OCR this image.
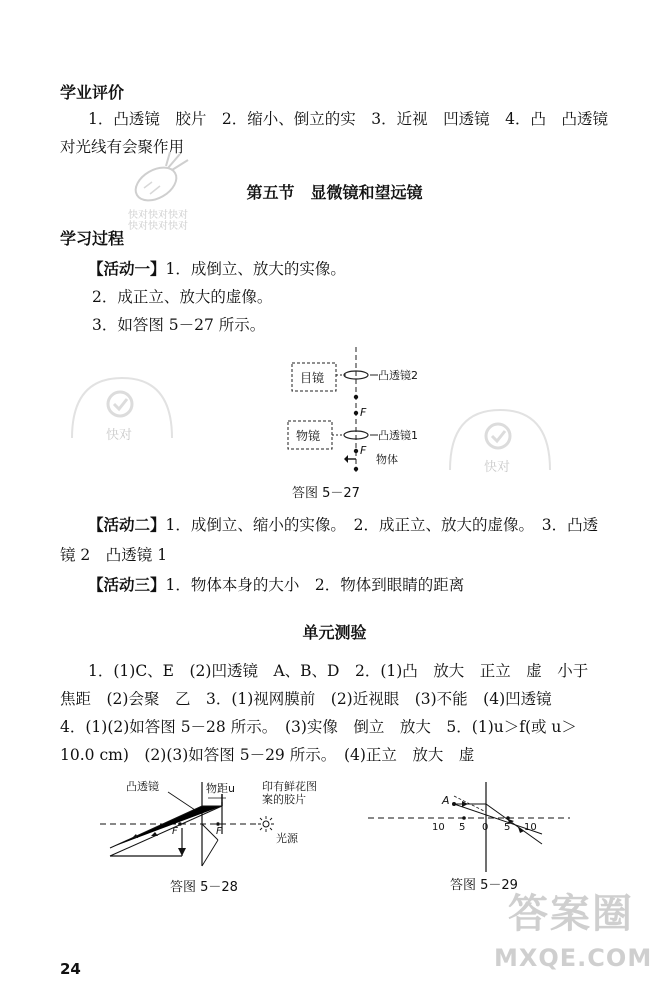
学业评价
1．凸透镜　胶片　2．缩小、倒立的实　3．近视　凹透镜　4．凸　凸透镜
对光线有会聚作用
快对快对快对
快对快对快对
第五节　显微镜和望远镜
学习过程
【活动一】1．成倒立、放大的实像。
2．成正立、放大的虚像。
3．如答图 5－27 所示。
目镜	凸透镜2
F
物镜	凸透镜1
F
物体
答图 5－27
快对
快对
【活动二】1．成倒立、缩小的实像。　2．成正立、放大的虚像。　3．凸透
镜 2　凸透镜 1
【活动三】1．物体本身的大小　2．物体到眼睛的距离
单元测验
1．(1)C、E　(2)凹透镜　A、B、D　2．(1)凸　放大　正立　虚　小于
焦距　(2)会聚　乙　3．(1)视网膜前　(2)近视眼　(3)不能　(4)凹透镜
4．(1)(2)如答图 5－28 所示。　(3)实像　倒立　放大　5．(1)u＞f(或 u＞
10.0 cm)　(2)(3)如答图 5－29 所示。　(4)正立　放大　虚
凸透镜	物距u 印有鲜花图
案的胶片
F	F
光源
答图 5－28
A
10 5 0 5 10
答图 5－29
答案圈
MXQE.COM
24
